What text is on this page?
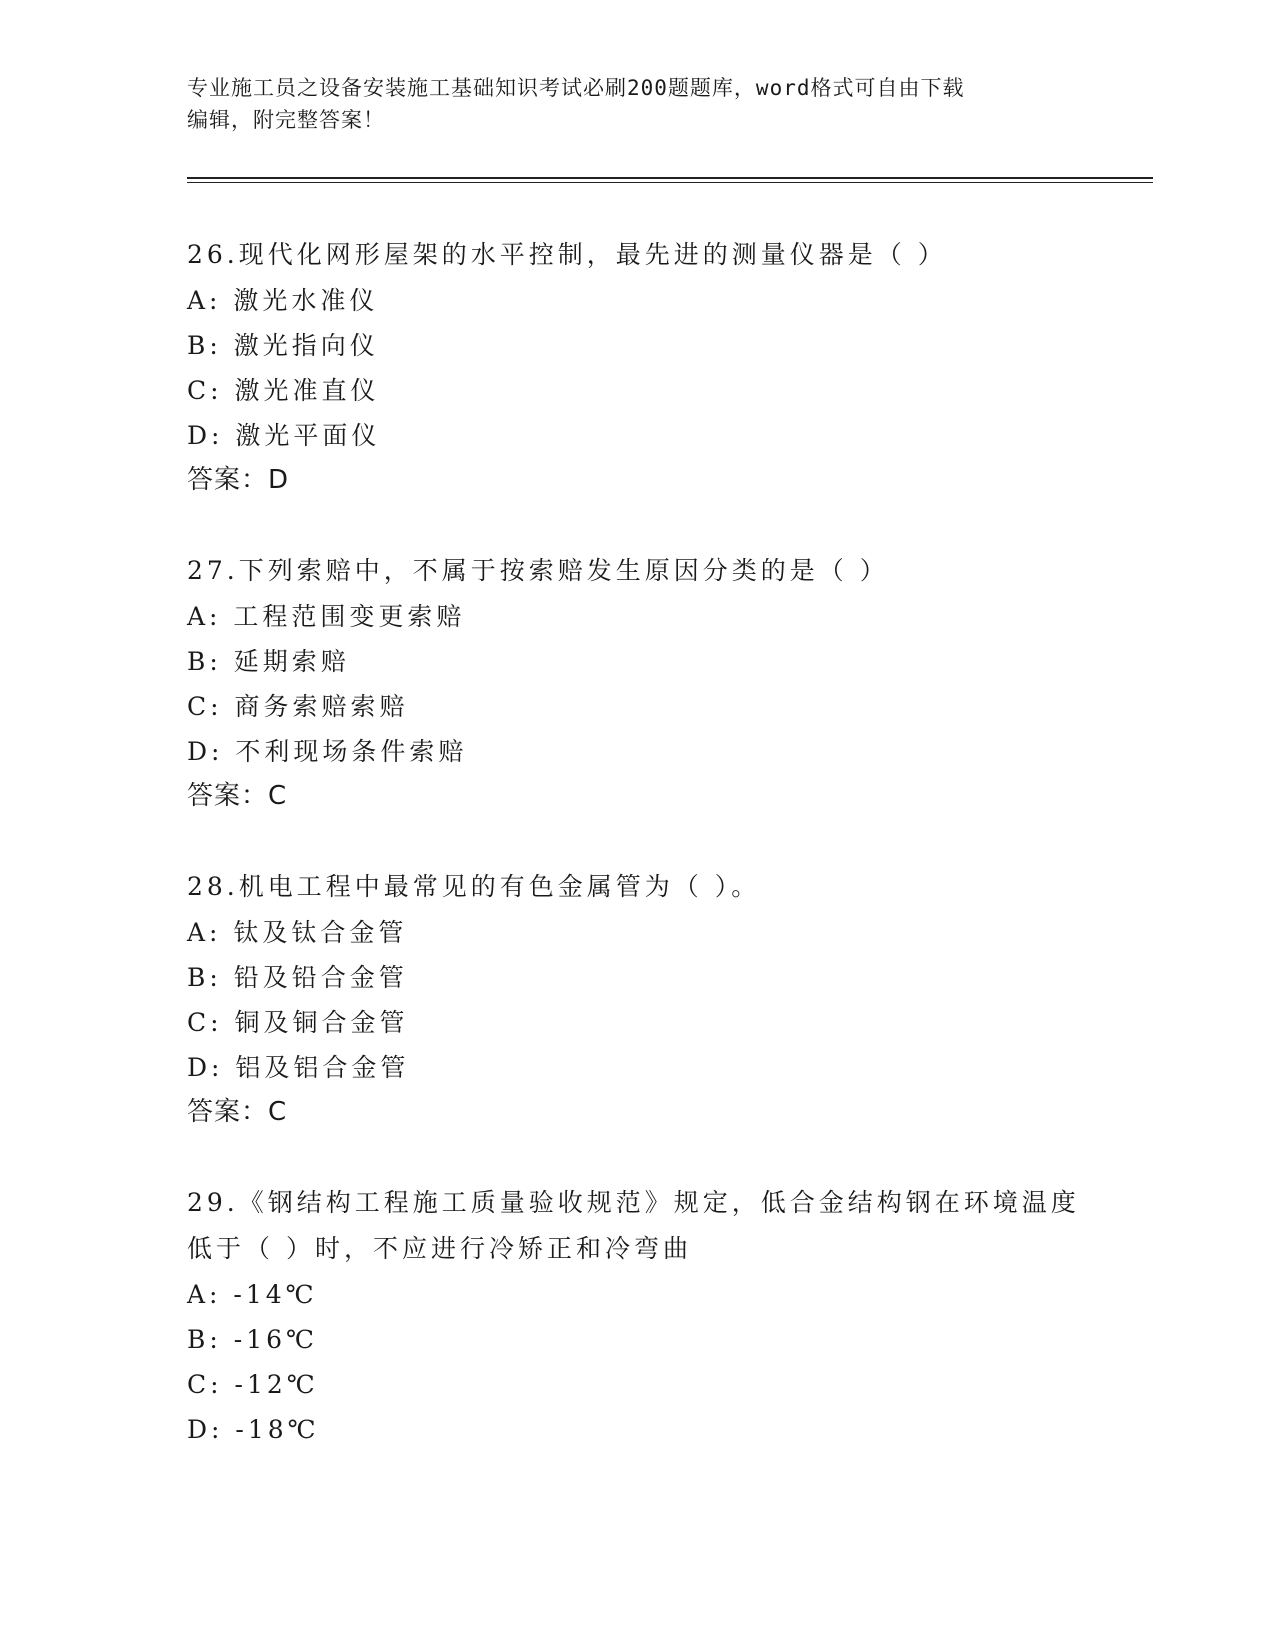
专业施工员之设备安装施工基础知识考试必刷200题题库，word格式可自由下载
编辑，附完整答案！
26.现代化网形屋架的水平控制，最先进的测量仪器是（ ）
A: 激光水准仪
B: 激光指向仪
C: 激光准直仪
D: 激光平面仪
答案：D
27.下列索赔中，不属于按索赔发生原因分类的是（ ）
A: 工程范围变更索赔
B: 延期索赔
C: 商务索赔索赔
D: 不利现场条件索赔
答案：C
28.机电工程中最常见的有色金属管为（ ）。
A: 钛及钛合金管
B: 铅及铅合金管
C: 铜及铜合金管
D: 铝及铝合金管
答案：C
29.《钢结构工程施工质量验收规范》规定，低合金结构钢在环境温度
低于（ ）时，不应进行冷矫正和冷弯曲
A: -14℃
B: -16℃
C: -12℃
D: -18℃
